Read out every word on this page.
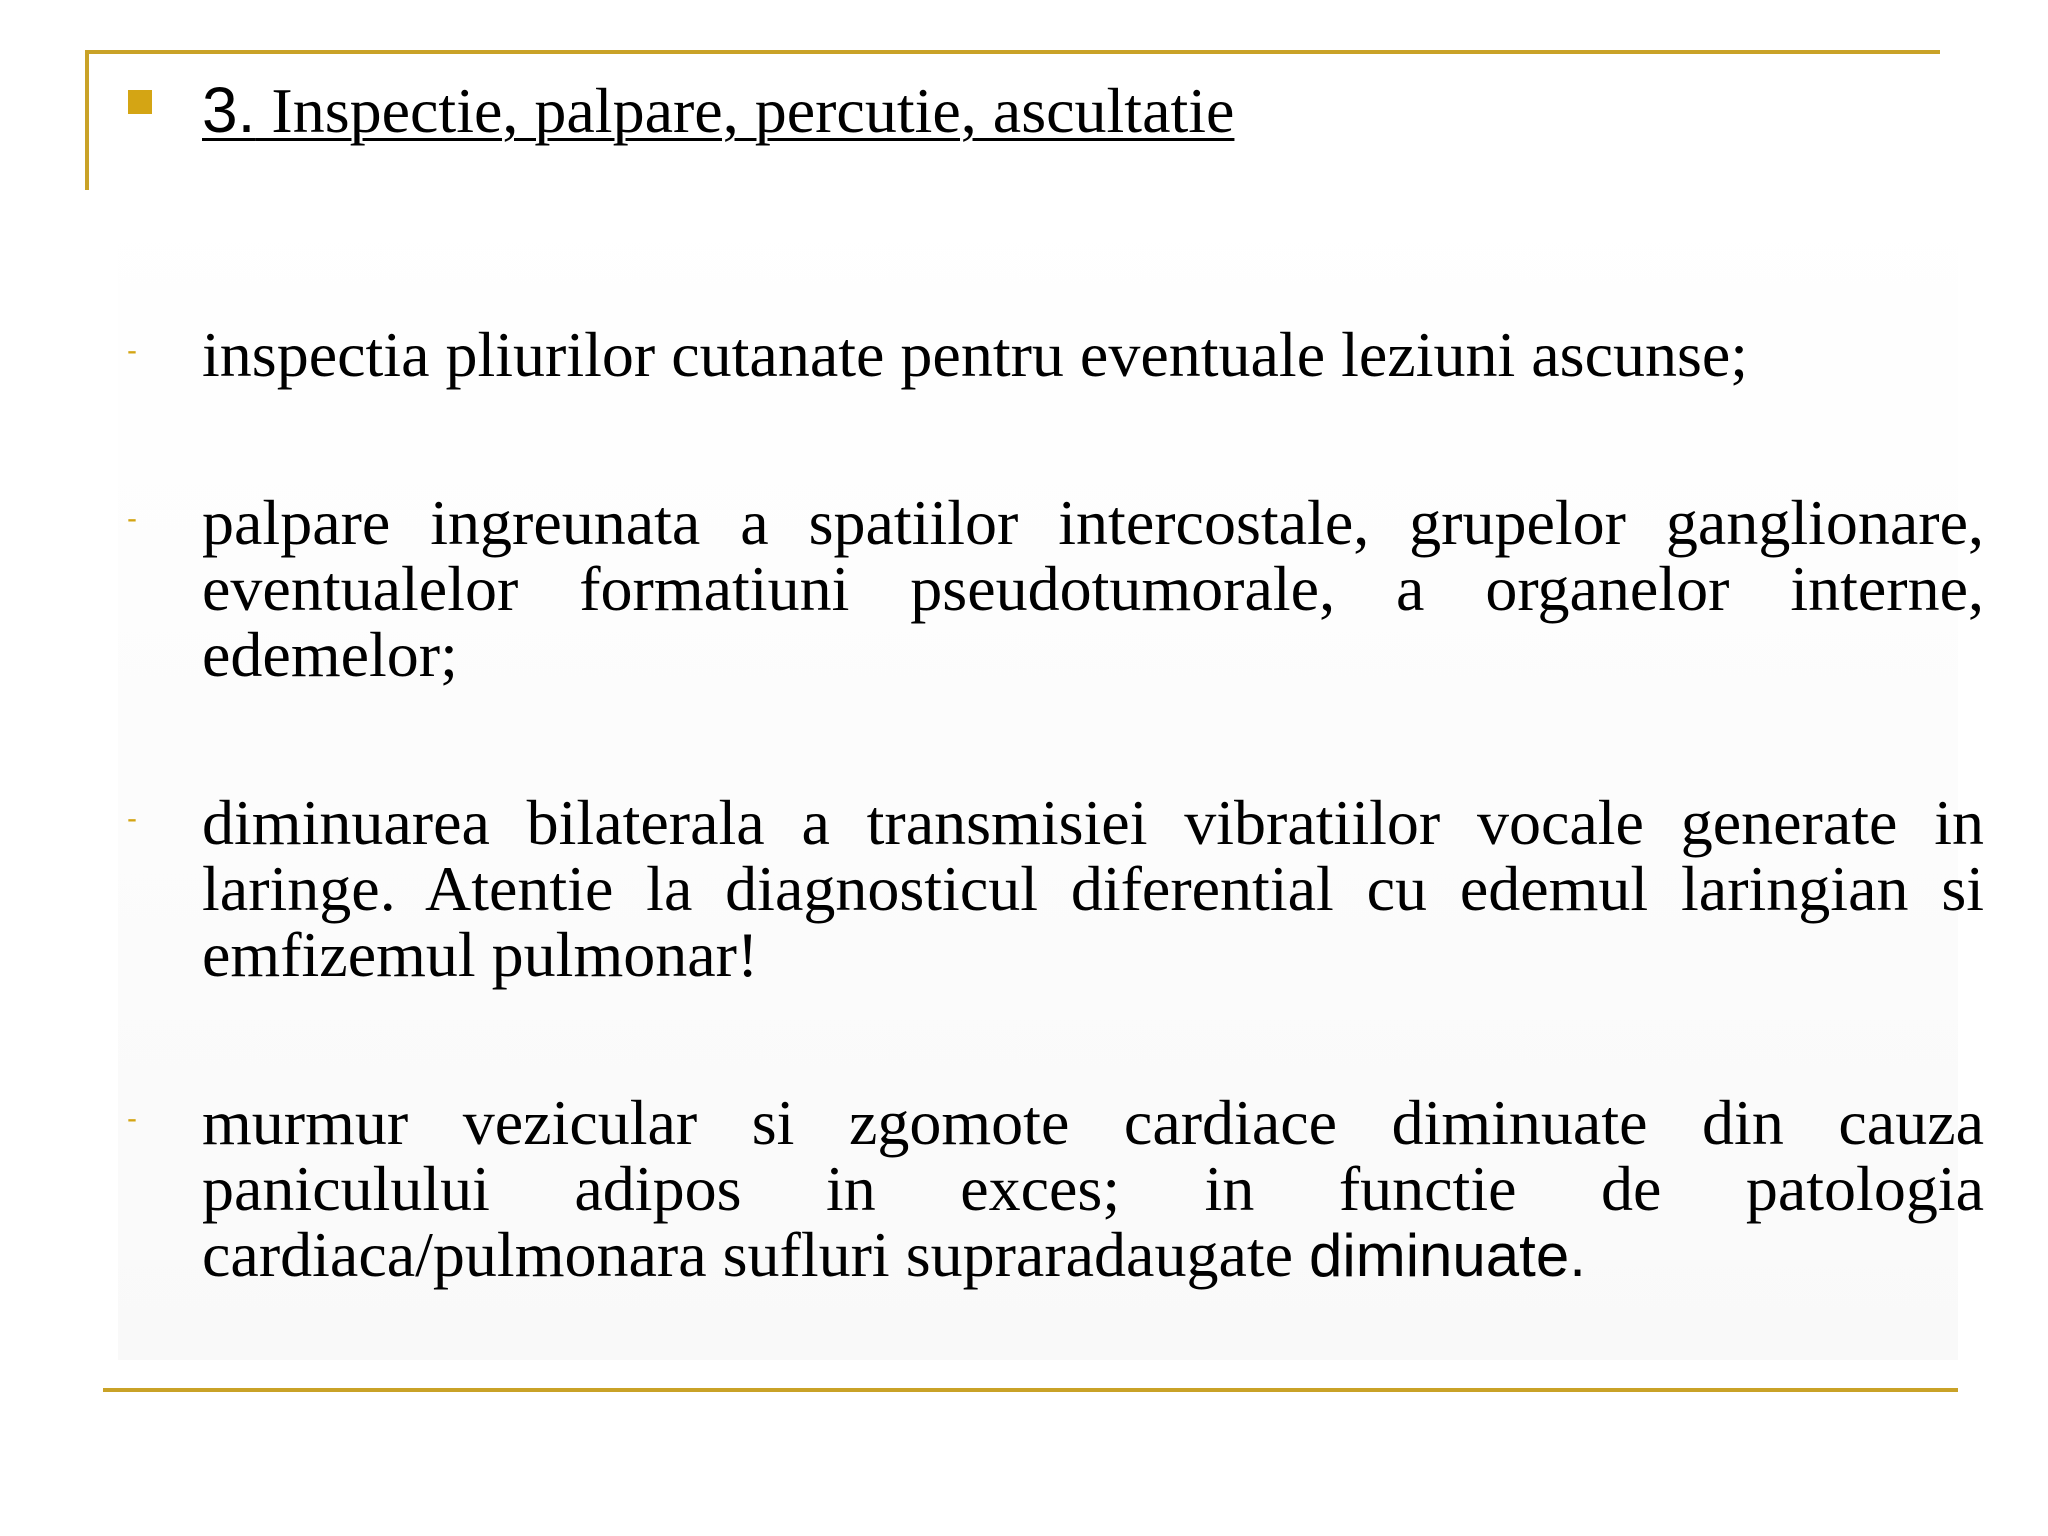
3. Inspectie, palpare, percutie, ascultatie
- inspectia pliurilor cutanate pentru eventuale leziuni ascunse;
- palpare ingreunata a spatiilor intercostale, grupelor ganglionare, eventualelor formatiuni pseudotumorale, a organelor interne, edemelor;
- diminuarea bilaterala a transmisiei vibratiilor vocale generate in laringe. Atentie la diagnosticul diferential cu edemul laringian si emfizemul pulmonar!
- murmur vezicular si zgomote cardiace diminuate din cauza paniculului adipos in exces; in functie de patologia cardiaca/pulmonara sufluri supraradaugate diminuate.
